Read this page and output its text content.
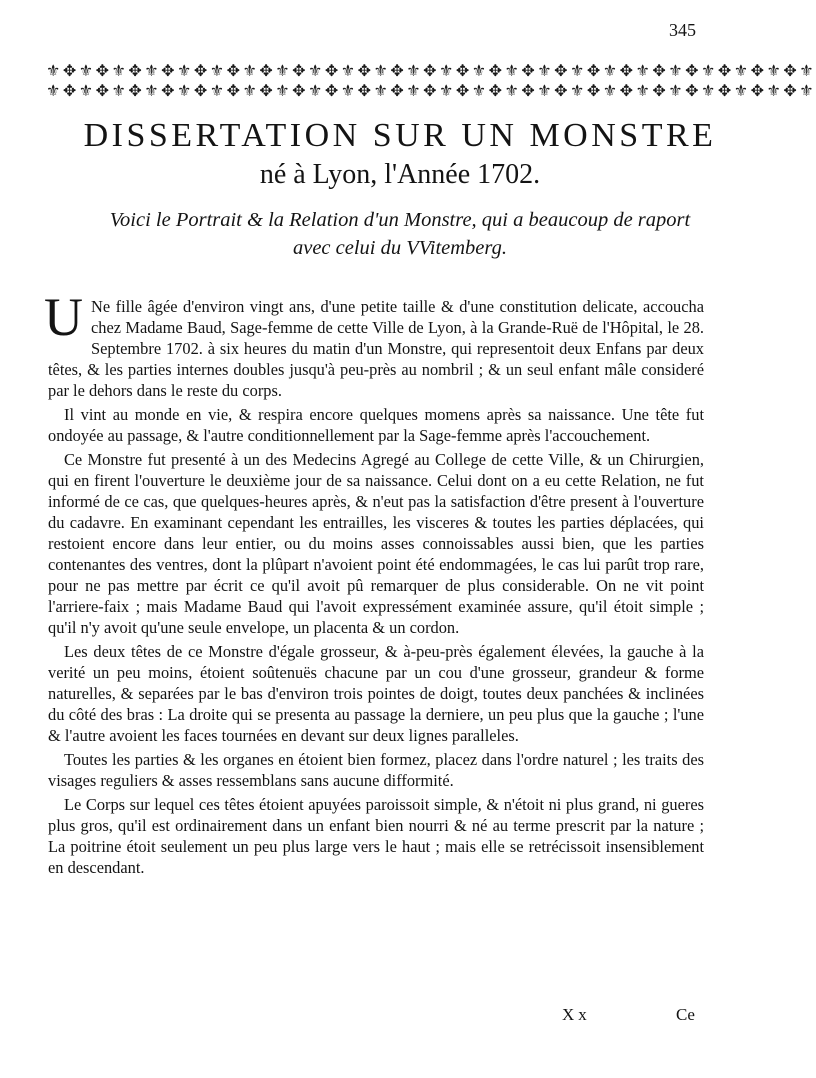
345
⚜✥⚜✥⚜✥⚜✥⚜✥⚜✥⚜✥⚜✥⚜✥⚜✥⚜✥⚜✥⚜✥⚜✥⚜✥⚜✥⚜✥⚜✥⚜✥⚜✥⚜✥⚜✥⚜✥⚜
⚜✥⚜✥⚜✥⚜✥⚜✥⚜✥⚜✥⚜✥⚜✥⚜✥⚜✥⚜✥⚜✥⚜✥⚜✥⚜✥⚜✥⚜✥⚜✥⚜✥⚜✥⚜✥⚜✥⚜
DISSERTATION SUR UN MONSTRE
né à Lyon, l'Année 1702.
Voici le Portrait & la Relation d'un Monstre, qui a beaucoup de raport
avec celui du VVitemberg.

U Ne fille âgée d'environ vingt ans, d'une petite taille & d'une constitution delicate, accoucha chez Madame Baud, Sage-femme de cette Ville de Lyon, à la Grande-Ruë de l'Hôpital, le 28. Septembre 1702. à six heures du matin d'un Monstre, qui representoit deux Enfans par deux têtes, & les parties internes doubles jusqu'à peu-près au nombril ; & un seul enfant mâle consideré par le dehors dans le reste du corps.

Il vint au monde en vie, & respira encore quelques momens après sa naissance. Une tête fut ondoyée au passage, & l'autre conditionnellement par la Sage-femme après l'accouchement.

Ce Monstre fut presenté à un des Medecins Agregé au College de cette Ville, & un Chirurgien, qui en firent l'ouverture le deuxième jour de sa naissance. Celui dont on a eu cette Relation, ne fut informé de ce cas, que quelques-heures après, & n'eut pas la satisfaction d'être present à l'ouverture du cadavre. En examinant cependant les entrailles, les visceres & toutes les parties déplacées, qui restoient encore dans leur entier, ou du moins asses connoissables aussi bien, que les parties contenantes des ventres, dont la plûpart n'avoient point été endommagées, le cas lui parût trop rare, pour ne pas mettre par écrit ce qu'il avoit pû remarquer de plus considerable. On ne vit point l'arriere-faix ; mais Madame Baud qui l'avoit expressément examinée assure, qu'il étoit simple ; qu'il n'y avoit qu'une seule envelope, un placenta & un cordon.

Les deux têtes de ce Monstre d'égale grosseur, & à-peu-près également élevées, la gauche à la verité un peu moins, étoient soûtenuës chacune par un cou d'une grosseur, grandeur & forme naturelles, & separées par le bas d'environ trois pointes de doigt, toutes deux panchées & inclinées du côté des bras : La droite qui se presenta au passage la derniere, un peu plus que la gauche ; l'une & l'autre avoient les faces tournées en devant sur deux lignes paralleles.

Toutes les parties & les organes en étoient bien formez, placez dans l'ordre naturel ; les traits des visages reguliers & asses ressemblans sans aucune difformité.

Le Corps sur lequel ces têtes étoient apuyées paroissoit simple, & n'étoit ni plus grand, ni gueres plus gros, qu'il est ordinairement dans un enfant bien nourri & né au terme prescrit par la nature ; La poitrine étoit seulement un peu plus large vers le haut ; mais elle se retrécissoit insensiblement en descendant.

Xx	Ce
